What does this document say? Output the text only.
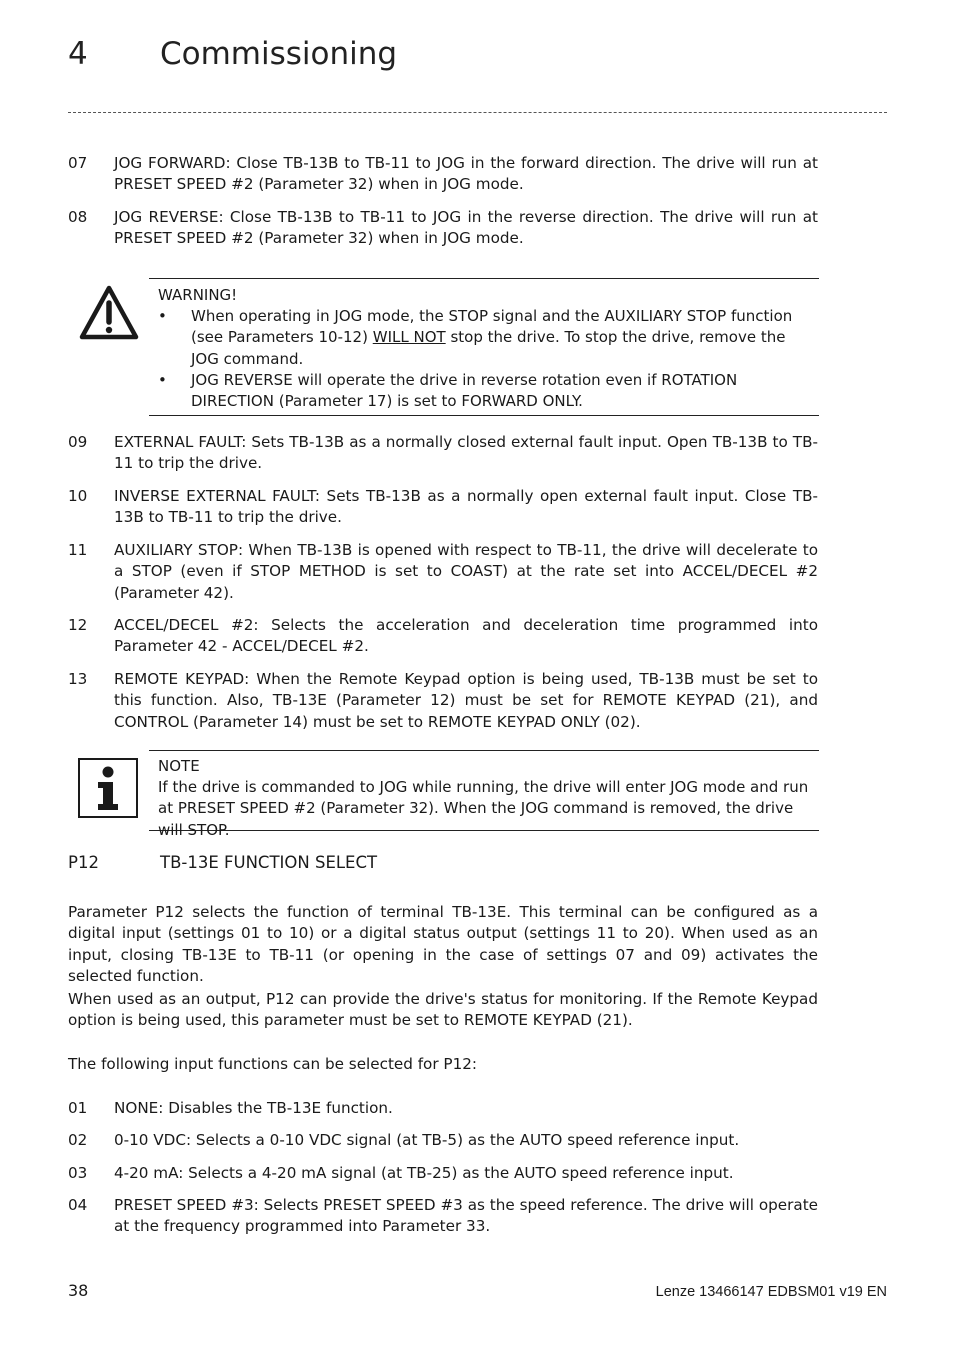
4 Commissioning
07	JOG FORWARD: Close TB-13B to TB-11 to JOG in the forward direction. The drive will run at PRESET SPEED #2 (Parameter 32) when in JOG mode.
08	JOG REVERSE: Close TB-13B to TB-11 to JOG in the reverse direction. The drive will run at PRESET SPEED #2 (Parameter 32) when in JOG mode.
WARNING!
• When operating in JOG mode, the STOP signal and the AUXILIARY STOP function (see Parameters 10-12) WILL NOT stop the drive. To stop the drive, remove the JOG command.
• JOG REVERSE will operate the drive in reverse rotation even if ROTATION DIRECTION (Parameter 17) is set to FORWARD ONLY.
09	EXTERNAL FAULT: Sets TB-13B as a normally closed external fault input. Open TB-13B to TB-11 to trip the drive.
10	INVERSE EXTERNAL FAULT: Sets TB-13B as a normally open external fault input. Close TB-13B to TB-11 to trip the drive.
11	AUXILIARY STOP: When TB-13B is opened with respect to TB-11, the drive will decelerate to a STOP (even if STOP METHOD is set to COAST) at the rate set into ACCEL/DECEL #2 (Parameter 42).
12	ACCEL/DECEL #2: Selects the acceleration and deceleration time programmed into Parameter 42 - ACCEL/DECEL #2.
13	REMOTE KEYPAD: When the Remote Keypad option is being used, TB-13B must be set to this function. Also, TB-13E (Parameter 12) must be set for REMOTE KEYPAD (21), and CONTROL (Parameter 14) must be set to REMOTE KEYPAD ONLY (02).
NOTE
If the drive is commanded to JOG while running, the drive will enter JOG mode and run at PRESET SPEED #2 (Parameter 32). When the JOG command is removed, the drive will STOP.
P12	TB-13E FUNCTION SELECT
Parameter P12 selects the function of terminal TB-13E. This terminal can be configured as a digital input (settings 01 to 10) or a digital status output (settings 11 to 20). When used as an input, closing TB-13E to TB-11 (or opening in the case of settings 07 and 09) activates the selected function.
When used as an output, P12 can provide the drive's status for monitoring. If the Remote Keypad option is being used, this parameter must be set to REMOTE KEYPAD (21).
The following input functions can be selected for P12:
01	NONE: Disables the TB-13E function.
02	0-10 VDC: Selects a 0-10 VDC signal (at TB-5) as the AUTO speed reference input.
03	4-20 mA: Selects a 4-20 mA signal (at TB-25) as the AUTO speed reference input.
04	PRESET SPEED #3: Selects PRESET SPEED #3 as the speed reference. The drive will operate at the frequency programmed into Parameter 33.
38	Lenze 13466147 EDBSM01 v19 EN
